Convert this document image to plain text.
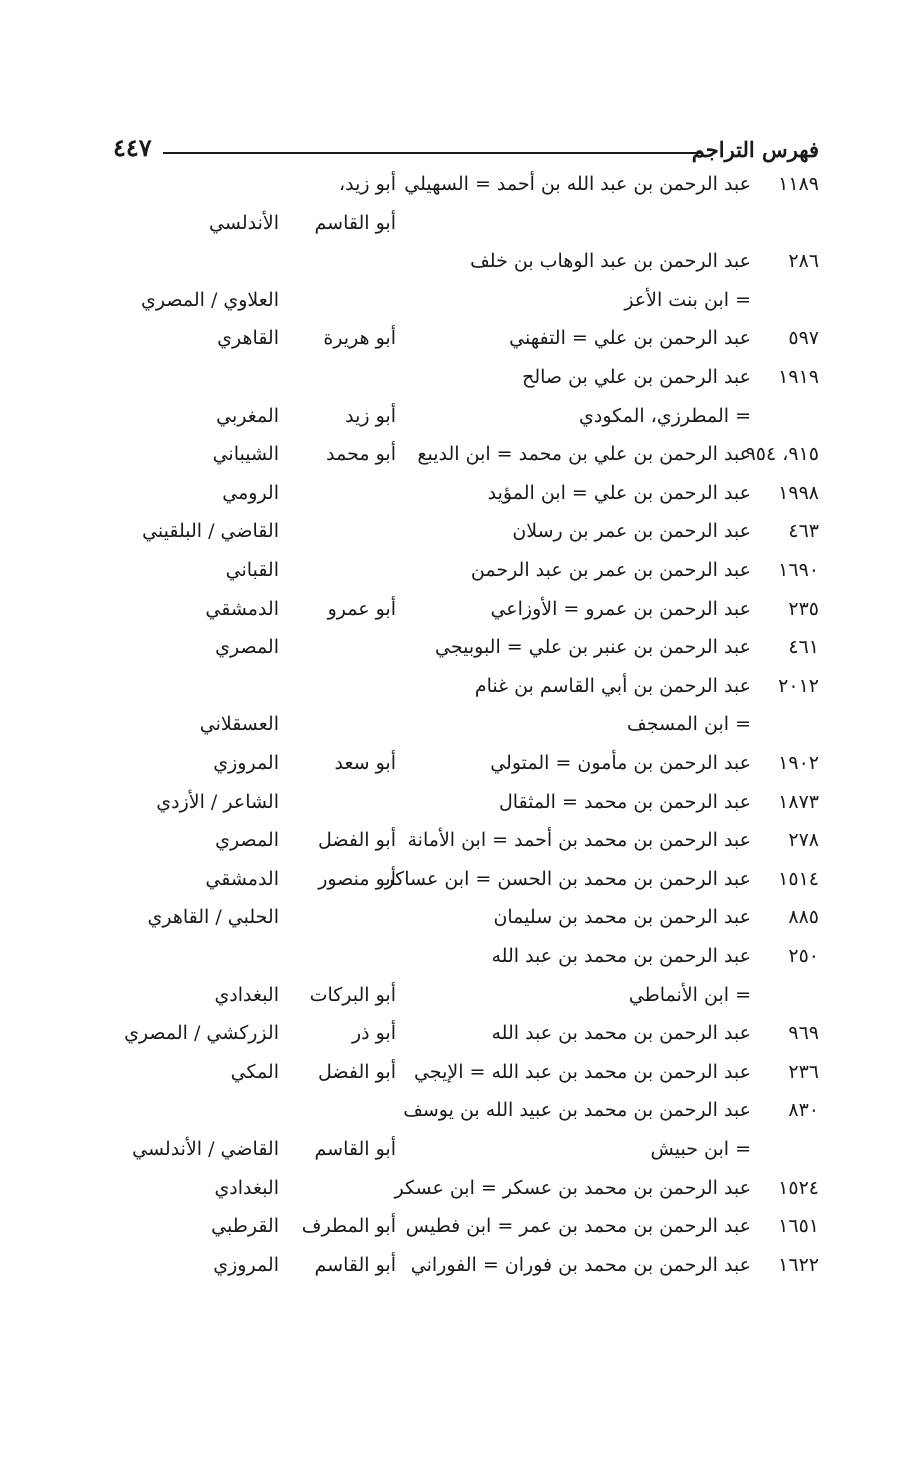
فهرس التراجم
٤٤٧
١١٨٩
عبد الرحمن بن عبد الله بن أحمد = السهيلي
أبو زيد،
أبو القاسم
الأندلسي
٢٨٦
عبد الرحمن بن عبد الوهاب بن خلف
= ابن بنت الأعز
العلاوي / المصري
٥٩٧
عبد الرحمن بن علي = التفهني
أبو هريرة
القاهري
١٩١٩
عبد الرحمن بن علي بن صالح
= المطرزي، المكودي
أبو زيد
المغربي
٩١٥، ٩٥٤
عبد الرحمن بن علي بن محمد = ابن الديبع
أبو محمد
الشيباني
١٩٩٨
عبد الرحمن بن علي = ابن المؤيد
الرومي
٤٦٣
عبد الرحمن بن عمر بن رسلان
القاضي / البلقيني
١٦٩٠
عبد الرحمن بن عمر بن عبد الرحمن
القباني
٢٣٥
عبد الرحمن بن عمرو = الأوزاعي
أبو عمرو
الدمشقي
٤٦١
عبد الرحمن بن عنبر بن علي = البوبيجي
المصري
٢٠١٢
عبد الرحمن بن أبي القاسم بن غنام
= ابن المسجف
العسقلاني
١٩٠٢
عبد الرحمن بن مأمون = المتولي
أبو سعد
المروزي
١٨٧٣
عبد الرحمن بن محمد = المثقال
الشاعر / الأزدي
٢٧٨
عبد الرحمن بن محمد بن أحمد = ابن الأمانة
أبو الفضل
المصري
١٥١٤
عبد الرحمن بن محمد بن الحسن = ابن عساكر
أبو منصور
الدمشقي
٨٨٥
عبد الرحمن بن محمد بن سليمان
الحلبي / القاهري
٢٥٠
عبد الرحمن بن محمد بن عبد الله
= ابن الأنماطي
أبو البركات
البغدادي
٩٦٩
عبد الرحمن بن محمد بن عبد الله
أبو ذر
الزركشي / المصري
٢٣٦
عبد الرحمن بن محمد بن عبد الله = الإيجي
أبو الفضل
المكي
٨٣٠
عبد الرحمن بن محمد بن عبيد الله بن يوسف
= ابن حبيش
أبو القاسم
القاضي / الأندلسي
١٥٢٤
عبد الرحمن بن محمد بن عسكر = ابن عسكر
البغدادي
١٦٥١
عبد الرحمن بن محمد بن عمر = ابن فطيس
أبو المطرف
القرطبي
١٦٢٢
عبد الرحمن بن محمد بن فوران = الفوراني
أبو القاسم
المروزي
